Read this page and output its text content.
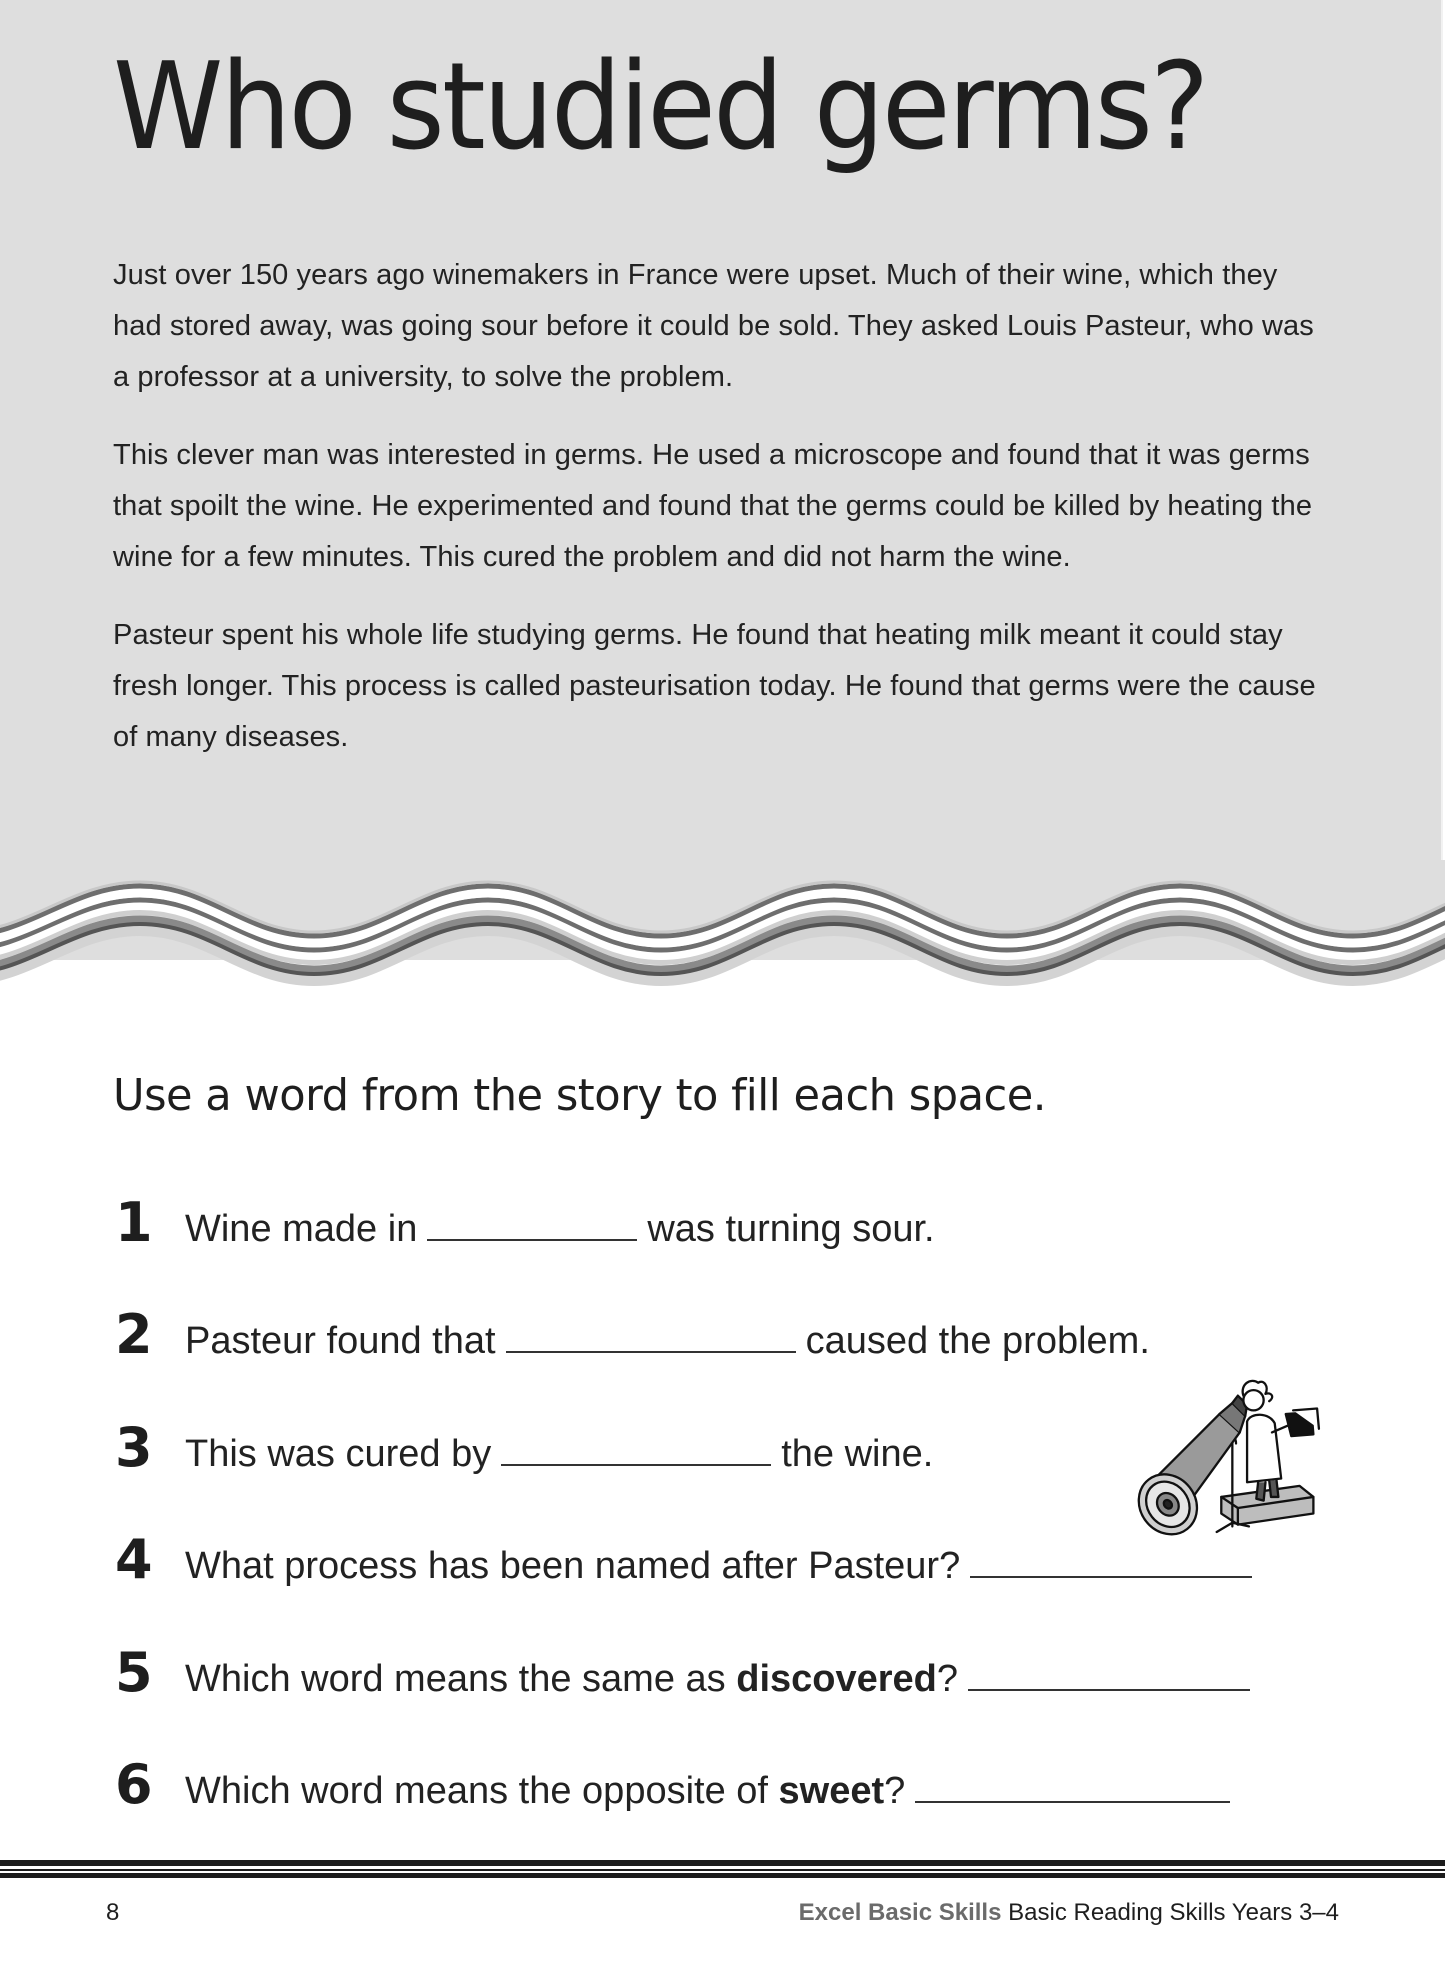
Who studied germs?

Just over 150 years ago winemakers in France were upset. Much of their wine, which they had stored away, was going sour before it could be sold. They asked Louis Pasteur, who was a professor at a university, to solve the problem.

This clever man was interested in germs. He used a microscope and found that it was germs that spoilt the wine. He experimented and found that the germs could be killed by heating the wine for a few minutes. This cured the problem and did not harm the wine.

Pasteur spent his whole life studying germs. He found that heating milk meant it could stay fresh longer. This process is called pasteurisation today. He found that germs were the cause of many diseases.

Use a word from the story to fill each space.
1 Wine made in	was turning sour.
2 Pasteur found that	caused the problem.
3 This was cured by	the wine.
4 What process has been named after Pasteur?
5 Which word means the same as discovered?
6 Which word means the opposite of sweet?
8	Excel Basic Skills Basic Reading Skills Years 3–4
